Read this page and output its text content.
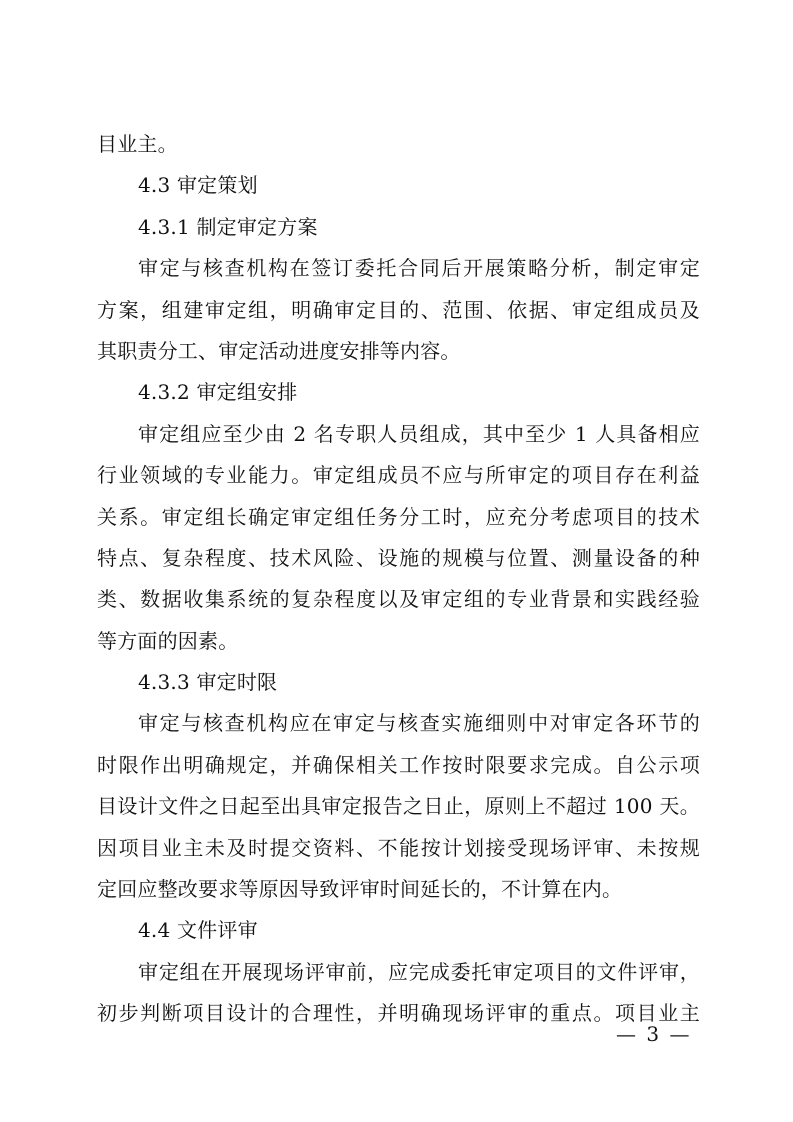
目业主。
4.3 审定策划
4.3.1 制定审定方案
审定与核查机构在签订委托合同后开展策略分析，制定审定
方案，组建审定组，明确审定目的、范围、依据、审定组成员及
其职责分工、审定活动进度安排等内容。
4.3.2 审定组安排
审定组应至少由 2 名专职人员组成，其中至少 1 人具备相应
行业领域的专业能力。审定组成员不应与所审定的项目存在利益
关系。审定组长确定审定组任务分工时，应充分考虑项目的技术
特点、复杂程度、技术风险、设施的规模与位置、测量设备的种
类、数据收集系统的复杂程度以及审定组的专业背景和实践经验
等方面的因素。
4.3.3 审定时限
审定与核查机构应在审定与核查实施细则中对审定各环节的
时限作出明确规定，并确保相关工作按时限要求完成。自公示项
目设计文件之日起至出具审定报告之日止，原则上不超过 100 天。
因项目业主未及时提交资料、不能按计划接受现场评审、未按规
定回应整改要求等原因导致评审时间延长的，不计算在内。
4.4 文件评审
审定组在开展现场评审前，应完成委托审定项目的文件评审，
初步判断项目设计的合理性，并明确现场评审的重点。项目业主
— 3 —
